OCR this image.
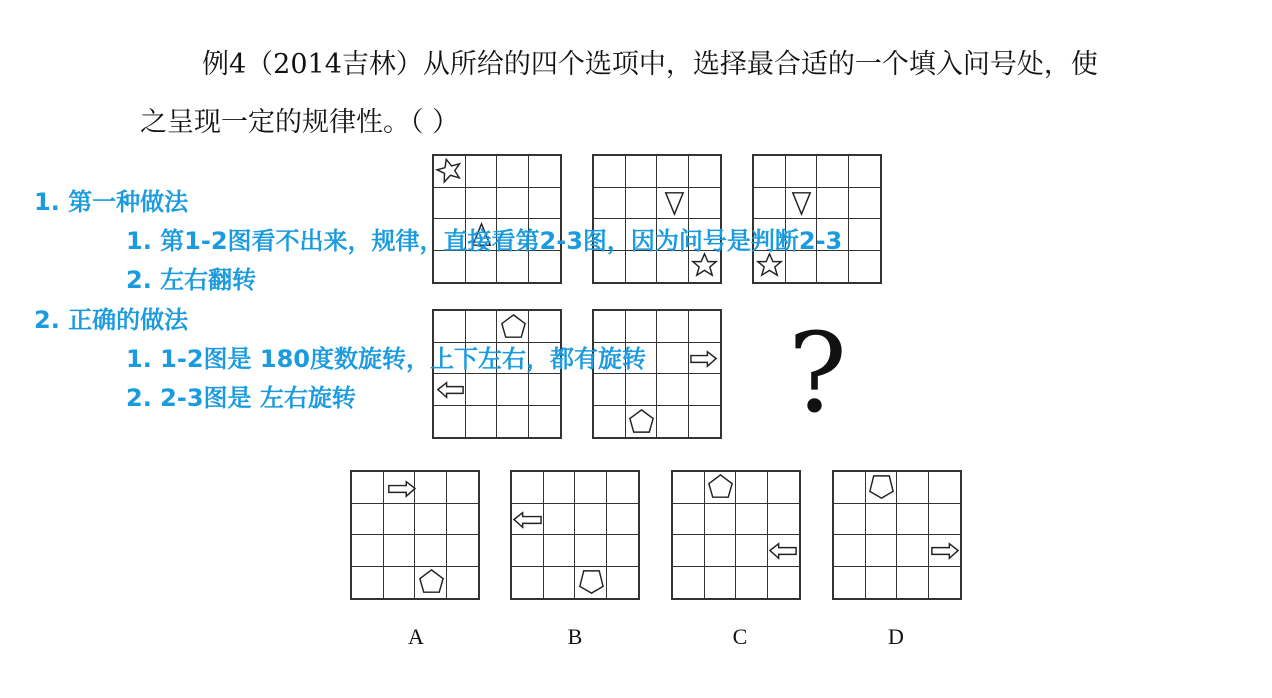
例4（2014吉林）从所给的四个选项中，选择最合适的一个填入问号处，使
之呈现一定的规律性。（ ）
?
A	B	C	D
1. 第一种做法
1. 第1-2图看不出来，规律，直接看第2-3图，因为问号是判断2-3
2. 左右翻转
2. 正确的做法
1. 1-2图是 180度数旋转，上下左右，都有旋转
2. 2-3图是 左右旋转
